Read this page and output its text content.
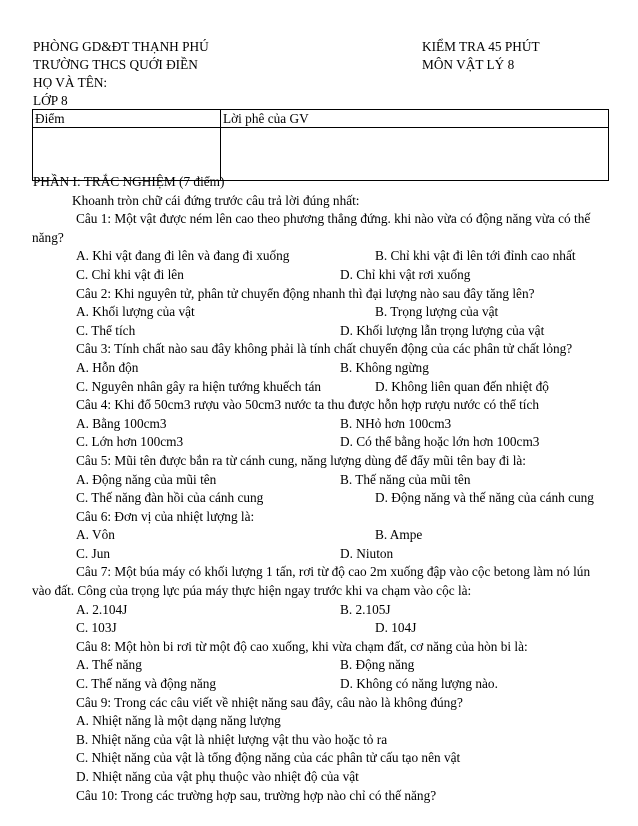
PHÒNG GD&ĐT THẠNH PHÚ	KIỂM TRA 45 PHÚT
TRƯỜNG THCS QUỚI ĐIỀN	MÔN VẬT LÝ 8
HỌ VÀ TÊN:
LỚP 8
Điểm	Lời phê của GV

PHẦN I: TRẮC NGHIỆM (7 điểm)
Khoanh tròn chữ cái đứng trước câu trả lời đúng nhất:
Câu 1: Một vật được ném lên cao theo phương thẳng đứng. khi nào vừa có động năng vừa có thế
năng?
A. Khi vật đang đi lên và đang đi xuống	B. Chỉ khi vật đi lên tới đỉnh cao nhất
C. Chỉ khi vật đi lên	D. Chỉ khi vật rơi xuống
Câu 2: Khi nguyên tử, phân tử chuyển động nhanh thì đại lượng nào sau đây tăng lên?
A. Khối lượng của vật	B. Trọng lượng của vật
C. Thể tích	D. Khối lượng lẫn trọng lượng của vật
Câu 3: Tính chất nào sau đây không phải là tính chất chuyển động của các phân tử chất lỏng?
A. Hỗn độn	B. Không ngừng
C. Nguyên nhân gây ra hiện tướng khuếch tán	D. Không liên quan đến nhiệt độ
Câu 4: Khi đổ 50cm3 rượu vào 50cm3 nước ta thu được hỗn hợp rượu nước có thể tích
A. Bằng 100cm3	B. NHỏ hơn 100cm3
C. Lớn hơn 100cm3	D. Có thể bằng hoặc lớn hơn 100cm3
Câu 5: Mũi tên được bắn ra từ cánh cung, năng lượng dùng để đẩy mũi tên bay đi là:
A. Động năng của mũi tên	B. Thế năng của mũi tên
C. Thế năng đàn hồi của cánh cung	D. Động năng và thế năng của cánh cung
Câu 6: Đơn vị của nhiệt lượng là:
A. Vôn	B. Ampe
C. Jun	D. Niuton
Câu 7: Một búa máy có khối lượng 1 tấn, rơi từ độ cao 2m xuống đập vào cộc betong làm nó lún
vào đất. Công của trọng lực púa máy thực hiện ngay trước khi va chạm vào cộc là:
A. 2.104J	B. 2.105J
C. 103J	D. 104J
Câu 8: Một hòn bi rơi từ một độ cao xuống, khi vừa chạm đất, cơ năng của hòn bi là:
A. Thế năng	B. Động năng
C. Thế năng và động năng	D. Không có năng lượng nào.
Câu 9: Trong các câu viết về nhiệt năng sau đây, câu nào là không đúng?
A. Nhiệt năng là một dạng năng lượng
B. Nhiệt năng của vật là nhiệt lượng vật thu vào hoặc tỏ ra
C. Nhiệt năng của vật là tổng động năng của các phân tử cấu tạo nên vật
D. Nhiệt năng của vật phụ thuộc vào nhiệt độ của vật
Câu 10: Trong các trường hợp sau, trường hợp nào chỉ có thế năng?
